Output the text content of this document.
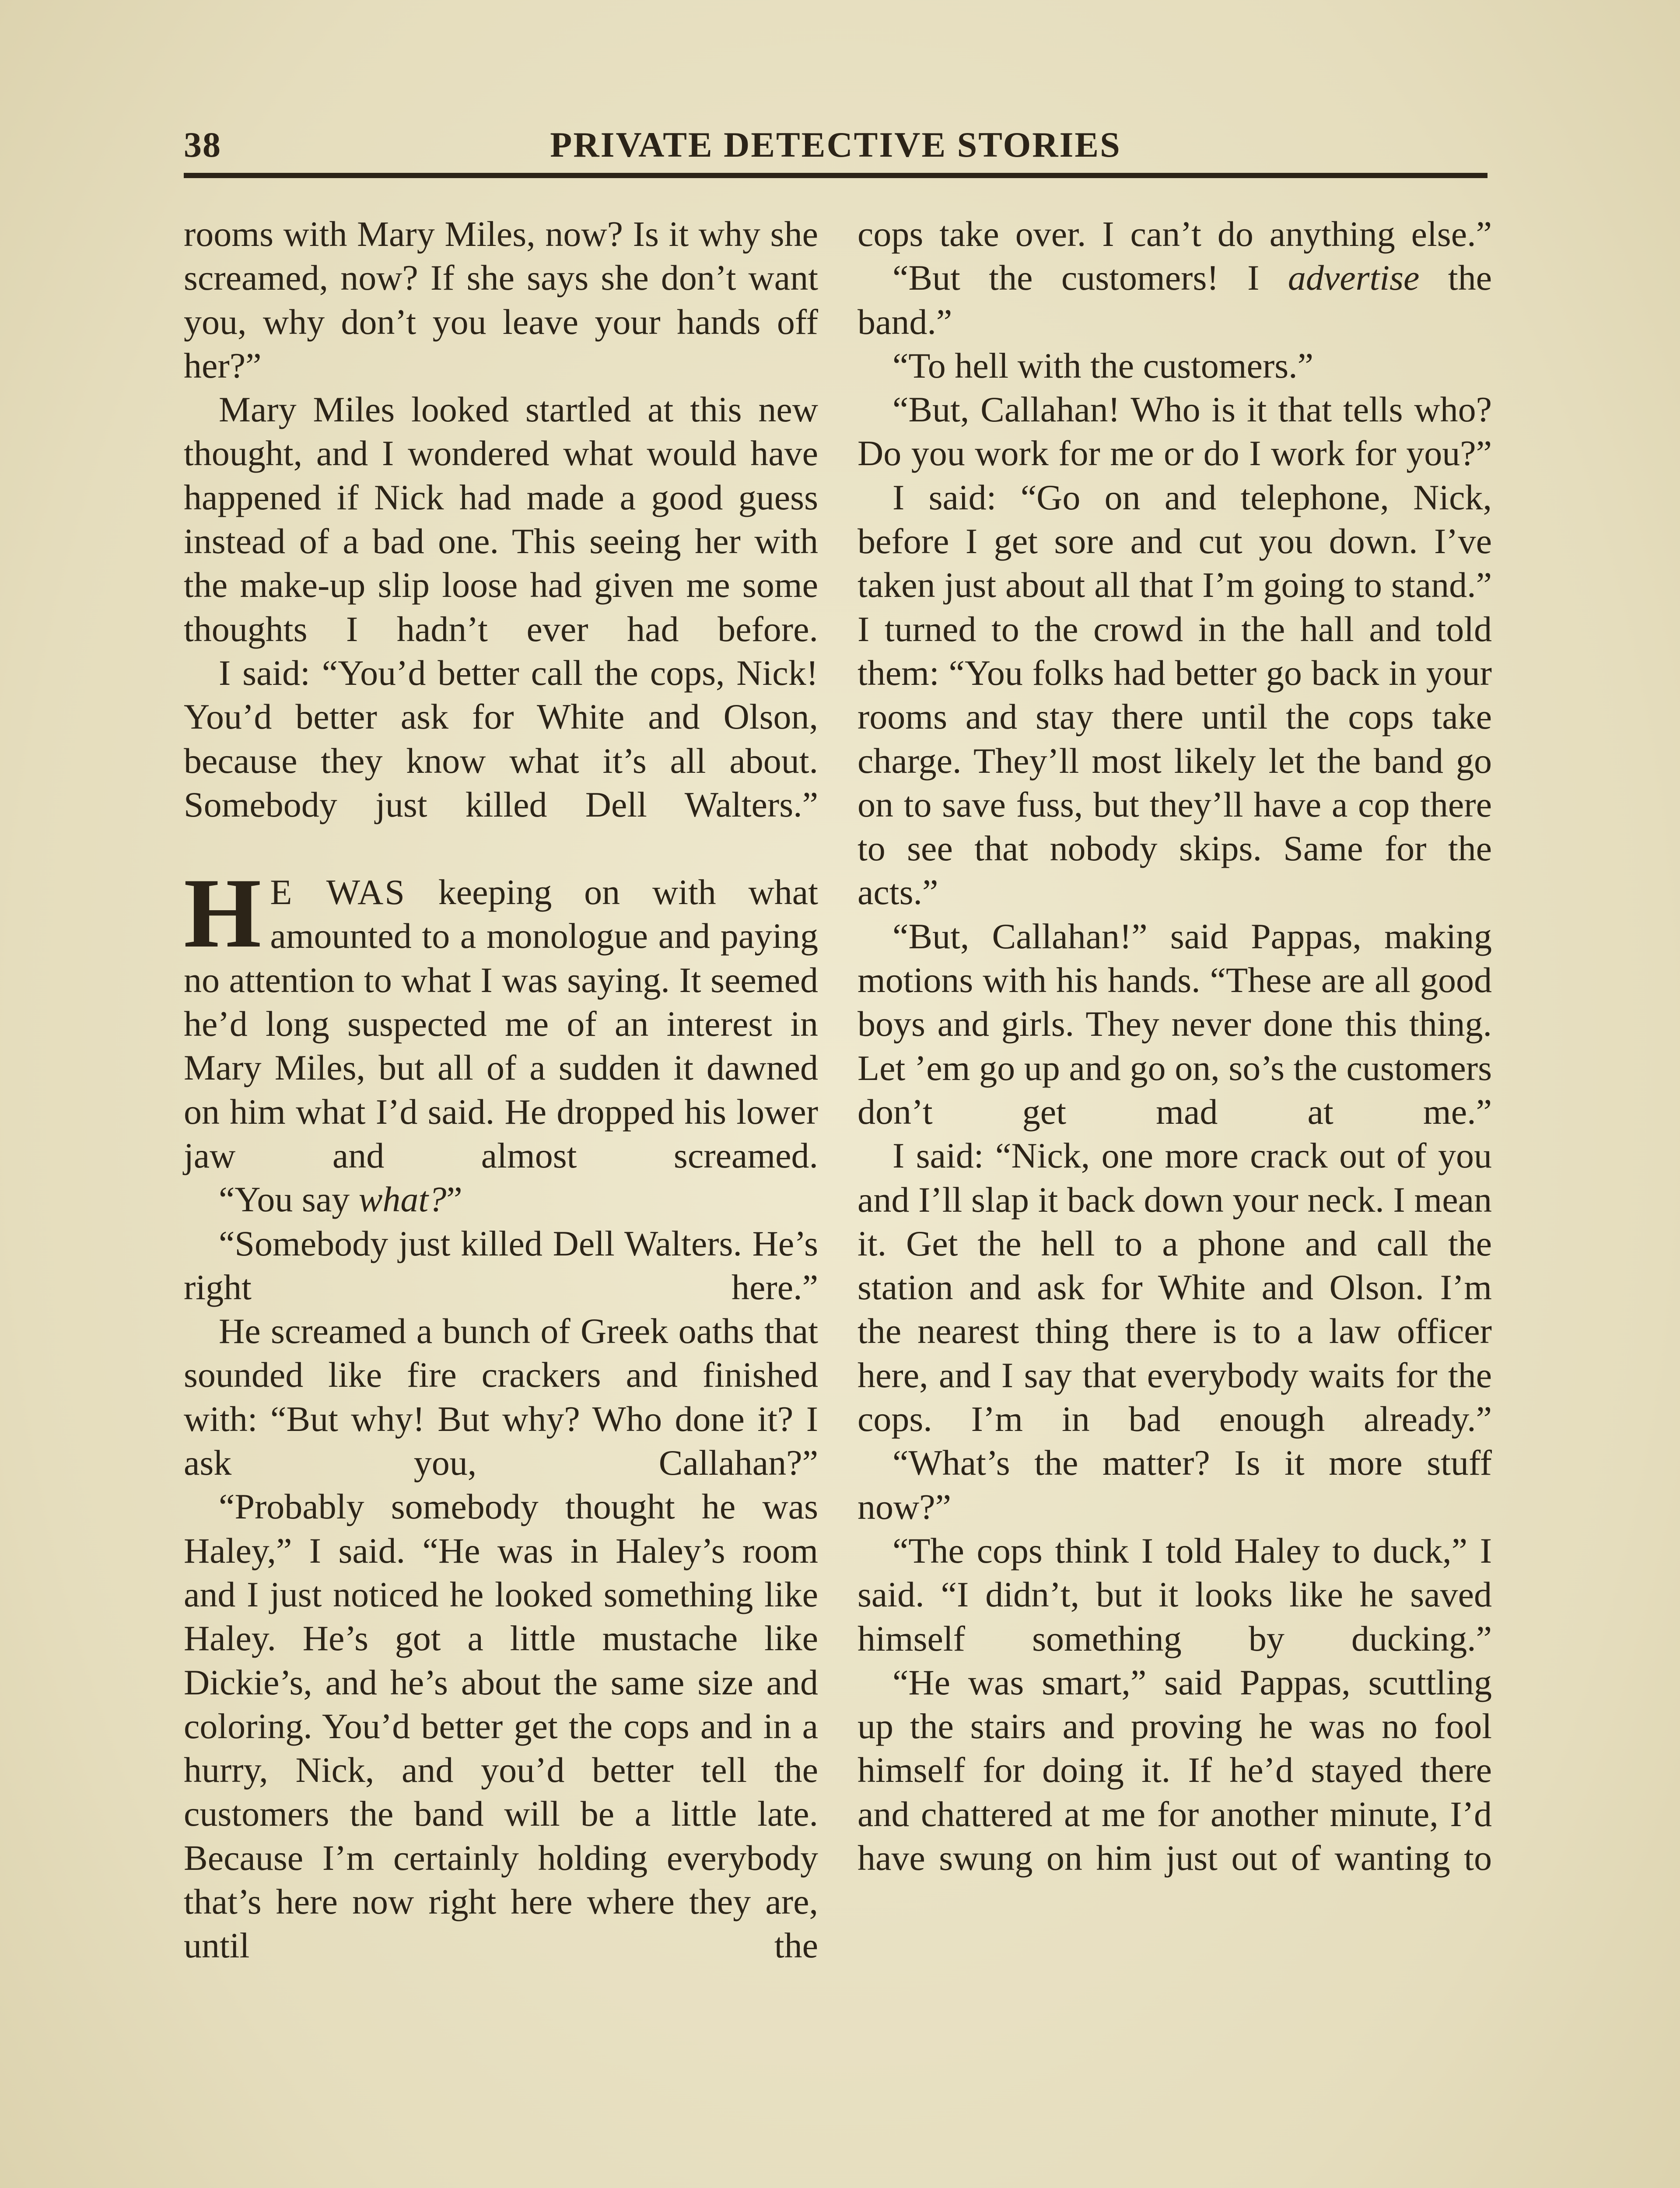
38	PRIVATE DETECTIVE STORIES

rooms with Mary Miles, now? Is it why she screamed, now? If she says she don’t want you, why don’t you leave your hands off her?”

Mary Miles looked startled at this new thought, and I wondered what would have happened if Nick had made a good guess instead of a bad one. This seeing her with the make-up slip loose had given me some thoughts I hadn’t ever had before.

I said: “You’d better call the cops, Nick! You’d better ask for White and Olson, because they know what it’s all about. Somebody just killed Dell Walters.”

H E WAS keeping on with what amounted to a monologue and paying no attention to what I was saying. It seemed he’d long suspected me of an interest in Mary Miles, but all of a sudden it dawned on him what I’d said. He dropped his lower jaw and almost screamed.

“You say what?”

“Somebody just killed Dell Walters. He’s right here.”

He screamed a bunch of Greek oaths that sounded like fire crackers and finished with: “But why! But why? Who done it? I ask you, Callahan?”

“Probably somebody thought he was Haley,” I said. “He was in Haley’s room and I just noticed he looked something like Haley. He’s got a little mustache like Dickie’s, and he’s about the same size and coloring. You’d better get the cops and in a hurry, Nick, and you’d better tell the customers the band will be a little late. Because I’m certainly holding everybody that’s here now right here where they are, until the

cops take over. I can’t do anything else.”

“But the customers! I advertise the band.”

“To hell with the customers.”

“But, Callahan! Who is it that tells who? Do you work for me or do I work for you?”

I said: “Go on and telephone, Nick, before I get sore and cut you down. I’ve taken just about all that I’m going to stand.” I turned to the crowd in the hall and told them: “You folks had better go back in your rooms and stay there until the cops take charge. They’ll most likely let the band go on to save fuss, but they’ll have a cop there to see that nobody skips. Same for the acts.”

“But, Callahan!” said Pappas, making motions with his hands. “These are all good boys and girls. They never done this thing. Let ’em go up and go on, so’s the customers don’t get mad at me.”

I said: “Nick, one more crack out of you and I’ll slap it back down your neck. I mean it. Get the hell to a phone and call the station and ask for White and Olson. I’m the nearest thing there is to a law officer here, and I say that everybody waits for the cops. I’m in bad enough already.”

“What’s the matter? Is it more stuff now?”

“The cops think I told Haley to duck,” I said. “I didn’t, but it looks like he saved himself something by ducking.”

“He was smart,” said Pappas, scuttling up the stairs and proving he was no fool himself for doing it. If he’d stayed there and chattered at me for another minute, I’d have swung on him just out of wanting to
